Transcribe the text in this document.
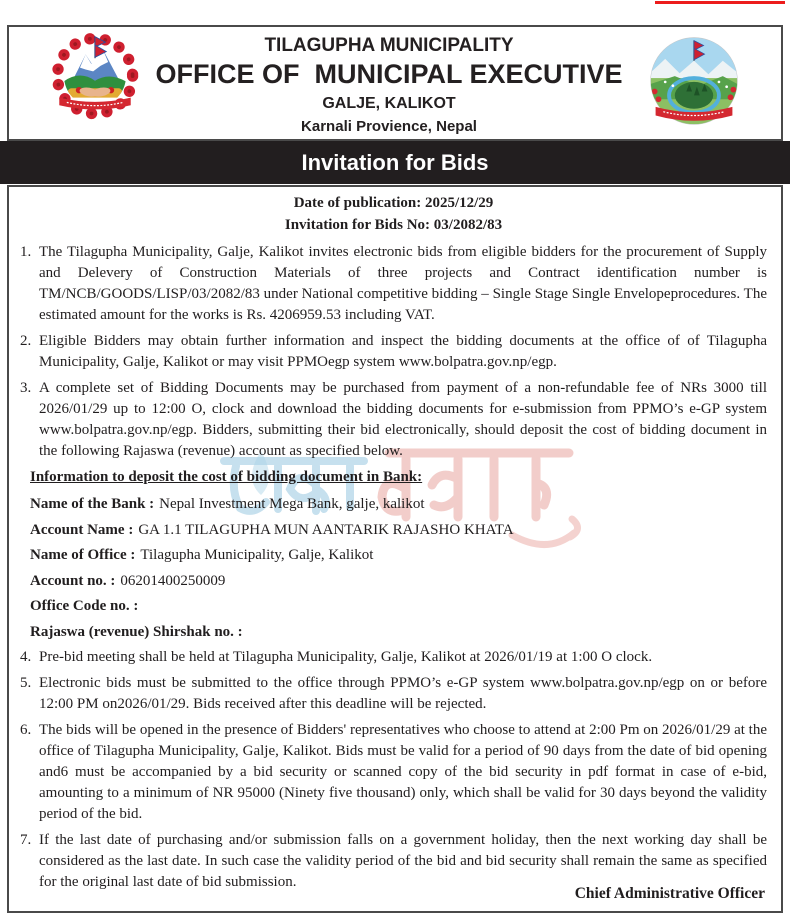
TILAGUPHA MUNICIPALITY
OFFICE OF  MUNICIPAL EXECUTIVE
GALJE, KALIKOT
Karnali Provience, Nepal
Invitation for Bids
Date of publication: 2025/12/29
Invitation for Bids No: 03/2082/83
1. The Tilagupha Municipality, Galje, Kalikot invites electronic bids from eligible bidders for the procurement of Supply and Delevery of Construction Materials of three projects and Contract identification number is TM/NCB/GOODS/LISP/03/2082/83 under National competitive bidding – Single Stage Single Envelopeprocedures. The estimated amount for the works is Rs. 4206959.53 including VAT.
2. Eligible Bidders may obtain further information and inspect the bidding documents at the office of of Tilagupha Municipality, Galje, Kalikot or may visit PPMOegp system www.bolpatra.gov.np/egp.
3. A complete set of Bidding Documents may be purchased from payment of a non-refundable fee of NRs 3000 till 2026/01/29 up to 12:00 O, clock and download the bidding documents for e-submission from PPMO’s e-GP system www.bolpatra.gov.np/egp. Bidders, submitting their bid electronically, should deposit the cost of bidding document in the following Rajaswa (revenue) account as specified below.
Information to deposit the cost of bidding document in Bank:
Name of the Bank : Nepal Investment Mega Bank, galje, kalikot
Account Name : GA 1.1 TILAGUPHA MUN AANTARIK RAJASHO KHATA
Name of Office : Tilagupha Municipality, Galje, Kalikot
Account no. : 06201400250009
Office Code no. :
Rajaswa (revenue) Shirshak no. :
4. Pre-bid meeting shall be held at Tilagupha Municipality, Galje, Kalikot at 2026/01/19 at 1:00 O clock.
5. Electronic bids must be submitted to the office through PPMO’s e-GP system www.bolpatra.gov.np/egp on or before 12:00 PM on2026/01/29. Bids received after this deadline will be rejected.
6. The bids will be opened in the presence of Bidders' representatives who choose to attend at 2:00 Pm on 2026/01/29 at the office of Tilagupha Municipality, Galje, Kalikot. Bids must be valid for a period of 90 days from the date of bid opening and6 must be accompanied by a bid security or scanned copy of the bid security in pdf format in case of e-bid, amounting to a minimum of NR 95000 (Ninety five thousand) only, which shall be valid for 30 days beyond the validity period of the bid.
7. If the last date of purchasing and/or submission falls on a government holiday, then the next working day shall be considered as the last date. In such case the validity period of the bid and bid security shall remain the same as specified for the original last date of bid submission.
Chief Administrative Officer
